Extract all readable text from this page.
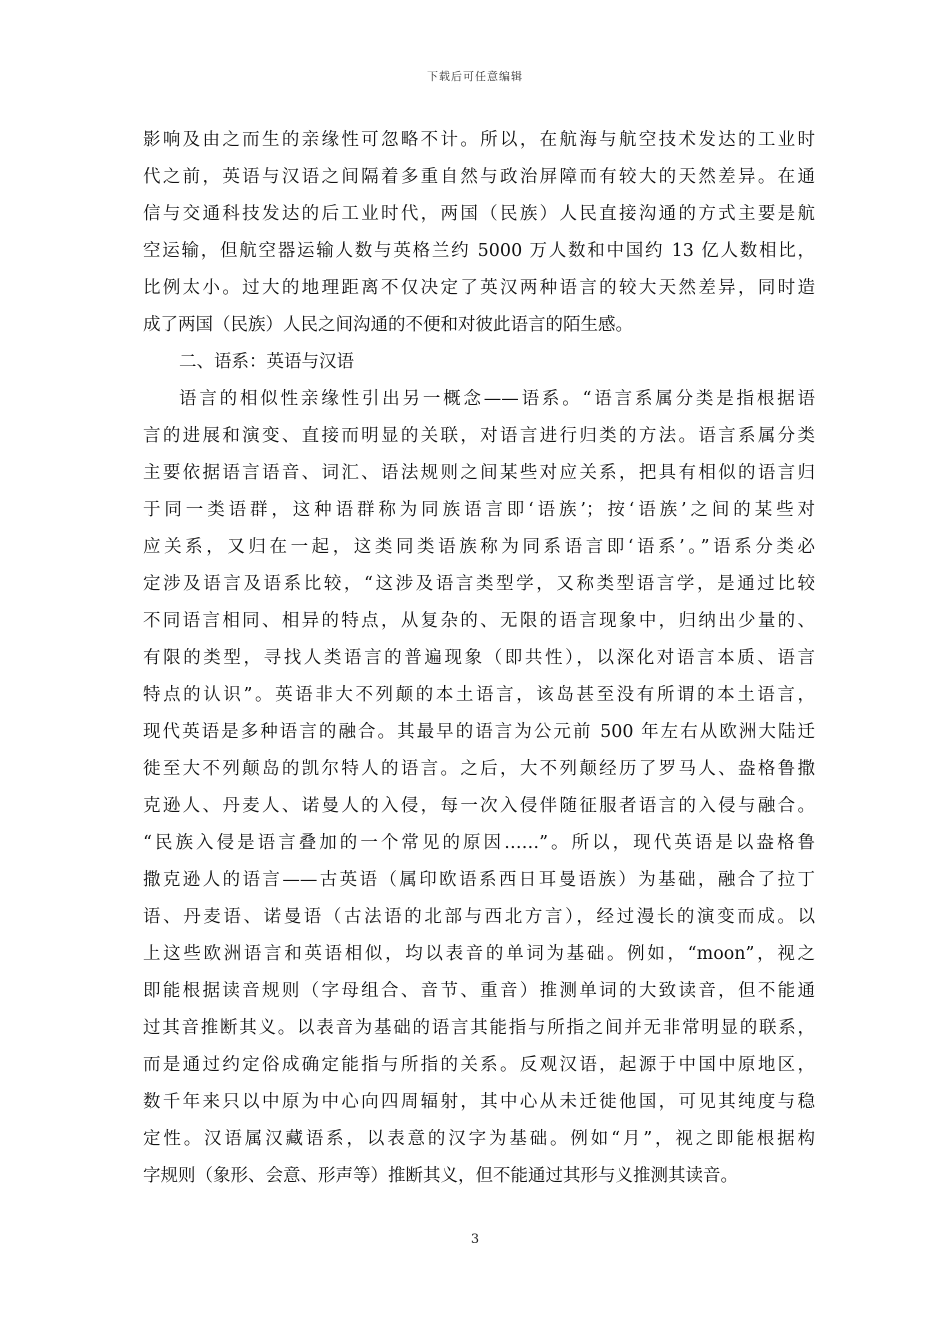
下载后可任意编辑
影响及由之而生的亲缘性可忽略不计。所以，在航海与航空技术发达的工业时
代之前，英语与汉语之间隔着多重自然与政治屏障而有较大的天然差异。在通
信与交通科技发达的后工业时代，两国（民族）人民直接沟通的方式主要是航
空运输，但航空器运输人数与英格兰约 5000 万人数和中国约 13 亿人数相比，
比例太小。过大的地理距离不仅决定了英汉两种语言的较大天然差异，同时造
成了两国（民族）人民之间沟通的不便和对彼此语言的陌生感。
二、语系：英语与汉语
语言的相似性亲缘性引出另一概念——语系。“语言系属分类是指根据语
言的进展和演变、直接而明显的关联，对语言进行归类的方法。语言系属分类
主要依据语言语音、词汇、语法规则之间某些对应关系，把具有相似的语言归
于同一类语群，这种语群称为同族语言即‘语族’；按‘语族’之间的某些对
应关系，又归在一起，这类同类语族称为同系语言即‘语系’。”语系分类必
定涉及语言及语系比较，“这涉及语言类型学，又称类型语言学，是通过比较
不同语言相同、相异的特点，从复杂的、无限的语言现象中，归纳出少量的、
有限的类型，寻找人类语言的普遍现象（即共性），以深化对语言本质、语言
特点的认识”。英语非大不列颠的本土语言，该岛甚至没有所谓的本土语言，
现代英语是多种语言的融合。其最早的语言为公元前 500 年左右从欧洲大陆迁
徙至大不列颠岛的凯尔特人的语言。之后，大不列颠经历了罗马人、盎格鲁撒
克逊人、丹麦人、诺曼人的入侵，每一次入侵伴随征服者语言的入侵与融合。
“民族入侵是语言叠加的一个常见的原因……”。所以，现代英语是以盎格鲁
撒克逊人的语言——古英语（属印欧语系西日耳曼语族）为基础，融合了拉丁
语、丹麦语、诺曼语（古法语的北部与西北方言），经过漫长的演变而成。以
上这些欧洲语言和英语相似，均以表音的单词为基础。例如，“moon”，视之
即能根据读音规则（字母组合、音节、重音）推测单词的大致读音，但不能通
过其音推断其义。以表音为基础的语言其能指与所指之间并无非常明显的联系，
而是通过约定俗成确定能指与所指的关系。反观汉语，起源于中国中原地区，
数千年来只以中原为中心向四周辐射，其中心从未迁徙他国，可见其纯度与稳
定性。汉语属汉藏语系，以表意的汉字为基础。例如“月”，视之即能根据构
字规则（象形、会意、形声等）推断其义，但不能通过其形与义推测其读音。
3
